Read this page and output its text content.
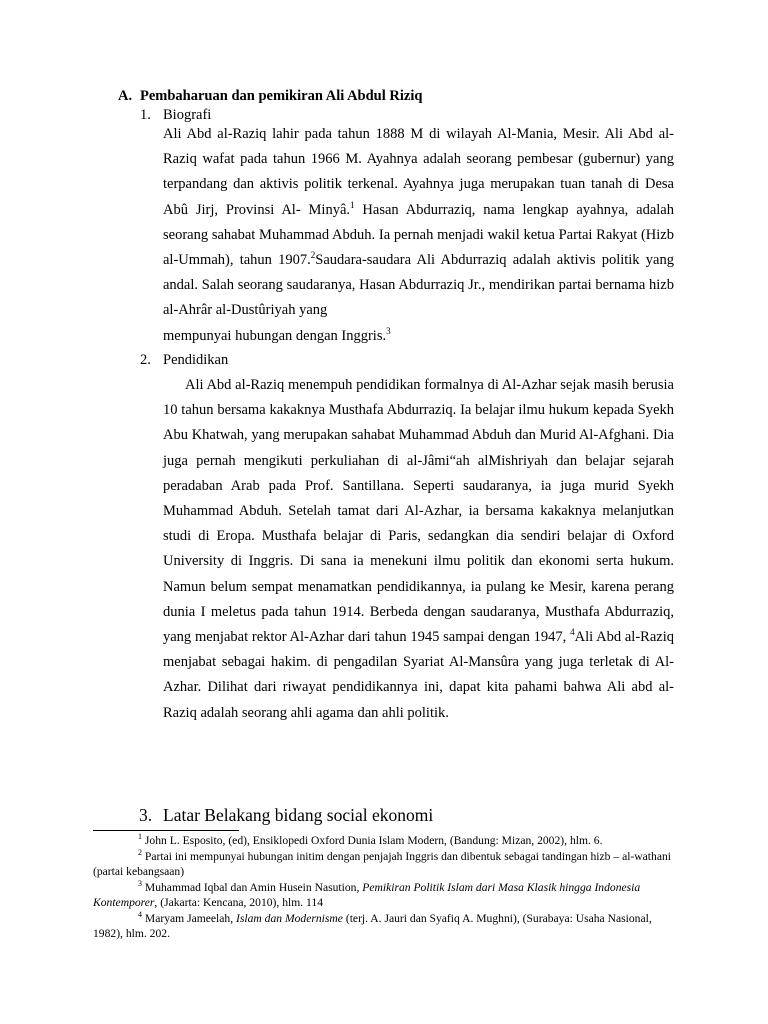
A. Pembaharuan dan pemikiran Ali Abdul Riziq
1. Biografi

Ali Abd al-Raziq lahir pada tahun 1888 M di wilayah Al-Mania, Mesir. Ali Abd al-Raziq wafat pada tahun 1966 M. Ayahnya adalah seorang pembesar (gubernur) yang terpandang dan aktivis politik terkenal. Ayahnya juga merupakan tuan tanah di Desa Abû Jirj, Provinsi Al- Minyâ.$^1$ Hasan Abdurraziq, nama lengkap ayahnya, adalah seorang sahabat Muhammad Abduh. Ia pernah menjadi wakil ketua Partai Rakyat (Hizb al-Ummah), tahun 1907.$^2$Saudara-saudara Ali Abdurraziq adalah aktivis politik yang andal. Salah seorang saudaranya, Hasan Abdurraziq Jr., mendirikan partai bernama hizb al-Ahrâr al-Dustûriyah yang

mempunyai hubungan dengan Inggris.$^3$

2. Pendidikan

Ali Abd al-Raziq menempuh pendidikan formalnya di Al-Azhar sejak masih berusia 10 tahun bersama kakaknya Musthafa Abdurraziq. Ia belajar ilmu hukum kepada Syekh Abu Khatwah, yang merupakan sahabat Muhammad Abduh dan Murid Al-Afghani. Dia juga pernah mengikuti perkuliahan di al-Jâmi“ah alMishriyah dan belajar sejarah peradaban Arab pada Prof. Santillana. Seperti saudaranya, ia juga murid Syekh Muhammad Abduh. Setelah tamat dari Al-Azhar, ia bersama kakaknya melanjutkan studi di Eropa. Musthafa belajar di Paris, sedangkan dia sendiri belajar di Oxford University di Inggris. Di sana ia menekuni ilmu politik dan ekonomi serta hukum. Namun belum sempat menamatkan pendidikannya, ia pulang ke Mesir, karena perang dunia I meletus pada tahun 1914. Berbeda dengan saudaranya, Musthafa Abdurraziq, yang menjabat rektor Al-Azhar dari tahun 1945 sampai dengan 1947, $^4$Ali Abd al-Raziq menjabat sebagai hakim. di pengadilan Syariat Al-Mansûra yang juga terletak di Al-Azhar. Dilihat dari riwayat pendidikannya ini, dapat kita pahami bahwa Ali abd al-Raziq adalah seorang ahli agama dan ahli politik.

3. Latar Belakang bidang social ekonomi

$^1$ John L. Esposito, (ed), Ensiklopedi Oxford Dunia Islam Modern, (Bandung: Mizan, 2002), hlm. 6.

$^2$ Partai ini mempunyai hubungan initim dengan penjajah Inggris dan dibentuk sebagai tandingan hizb – al-wathani (partai kebangsaan)

$^3$ Muhammad Iqbal dan Amin Husein Nasution, Pemikiran Politik Islam dari Masa Klasik hingga Indonesia Kontemporer, (Jakarta: Kencana, 2010), hlm. 114

$^4$ Maryam Jameelah, Islam dan Modernisme (terj. A. Jauri dan Syafiq A. Mughni), (Surabaya: Usaha Nasional, 1982), hlm. 202.
